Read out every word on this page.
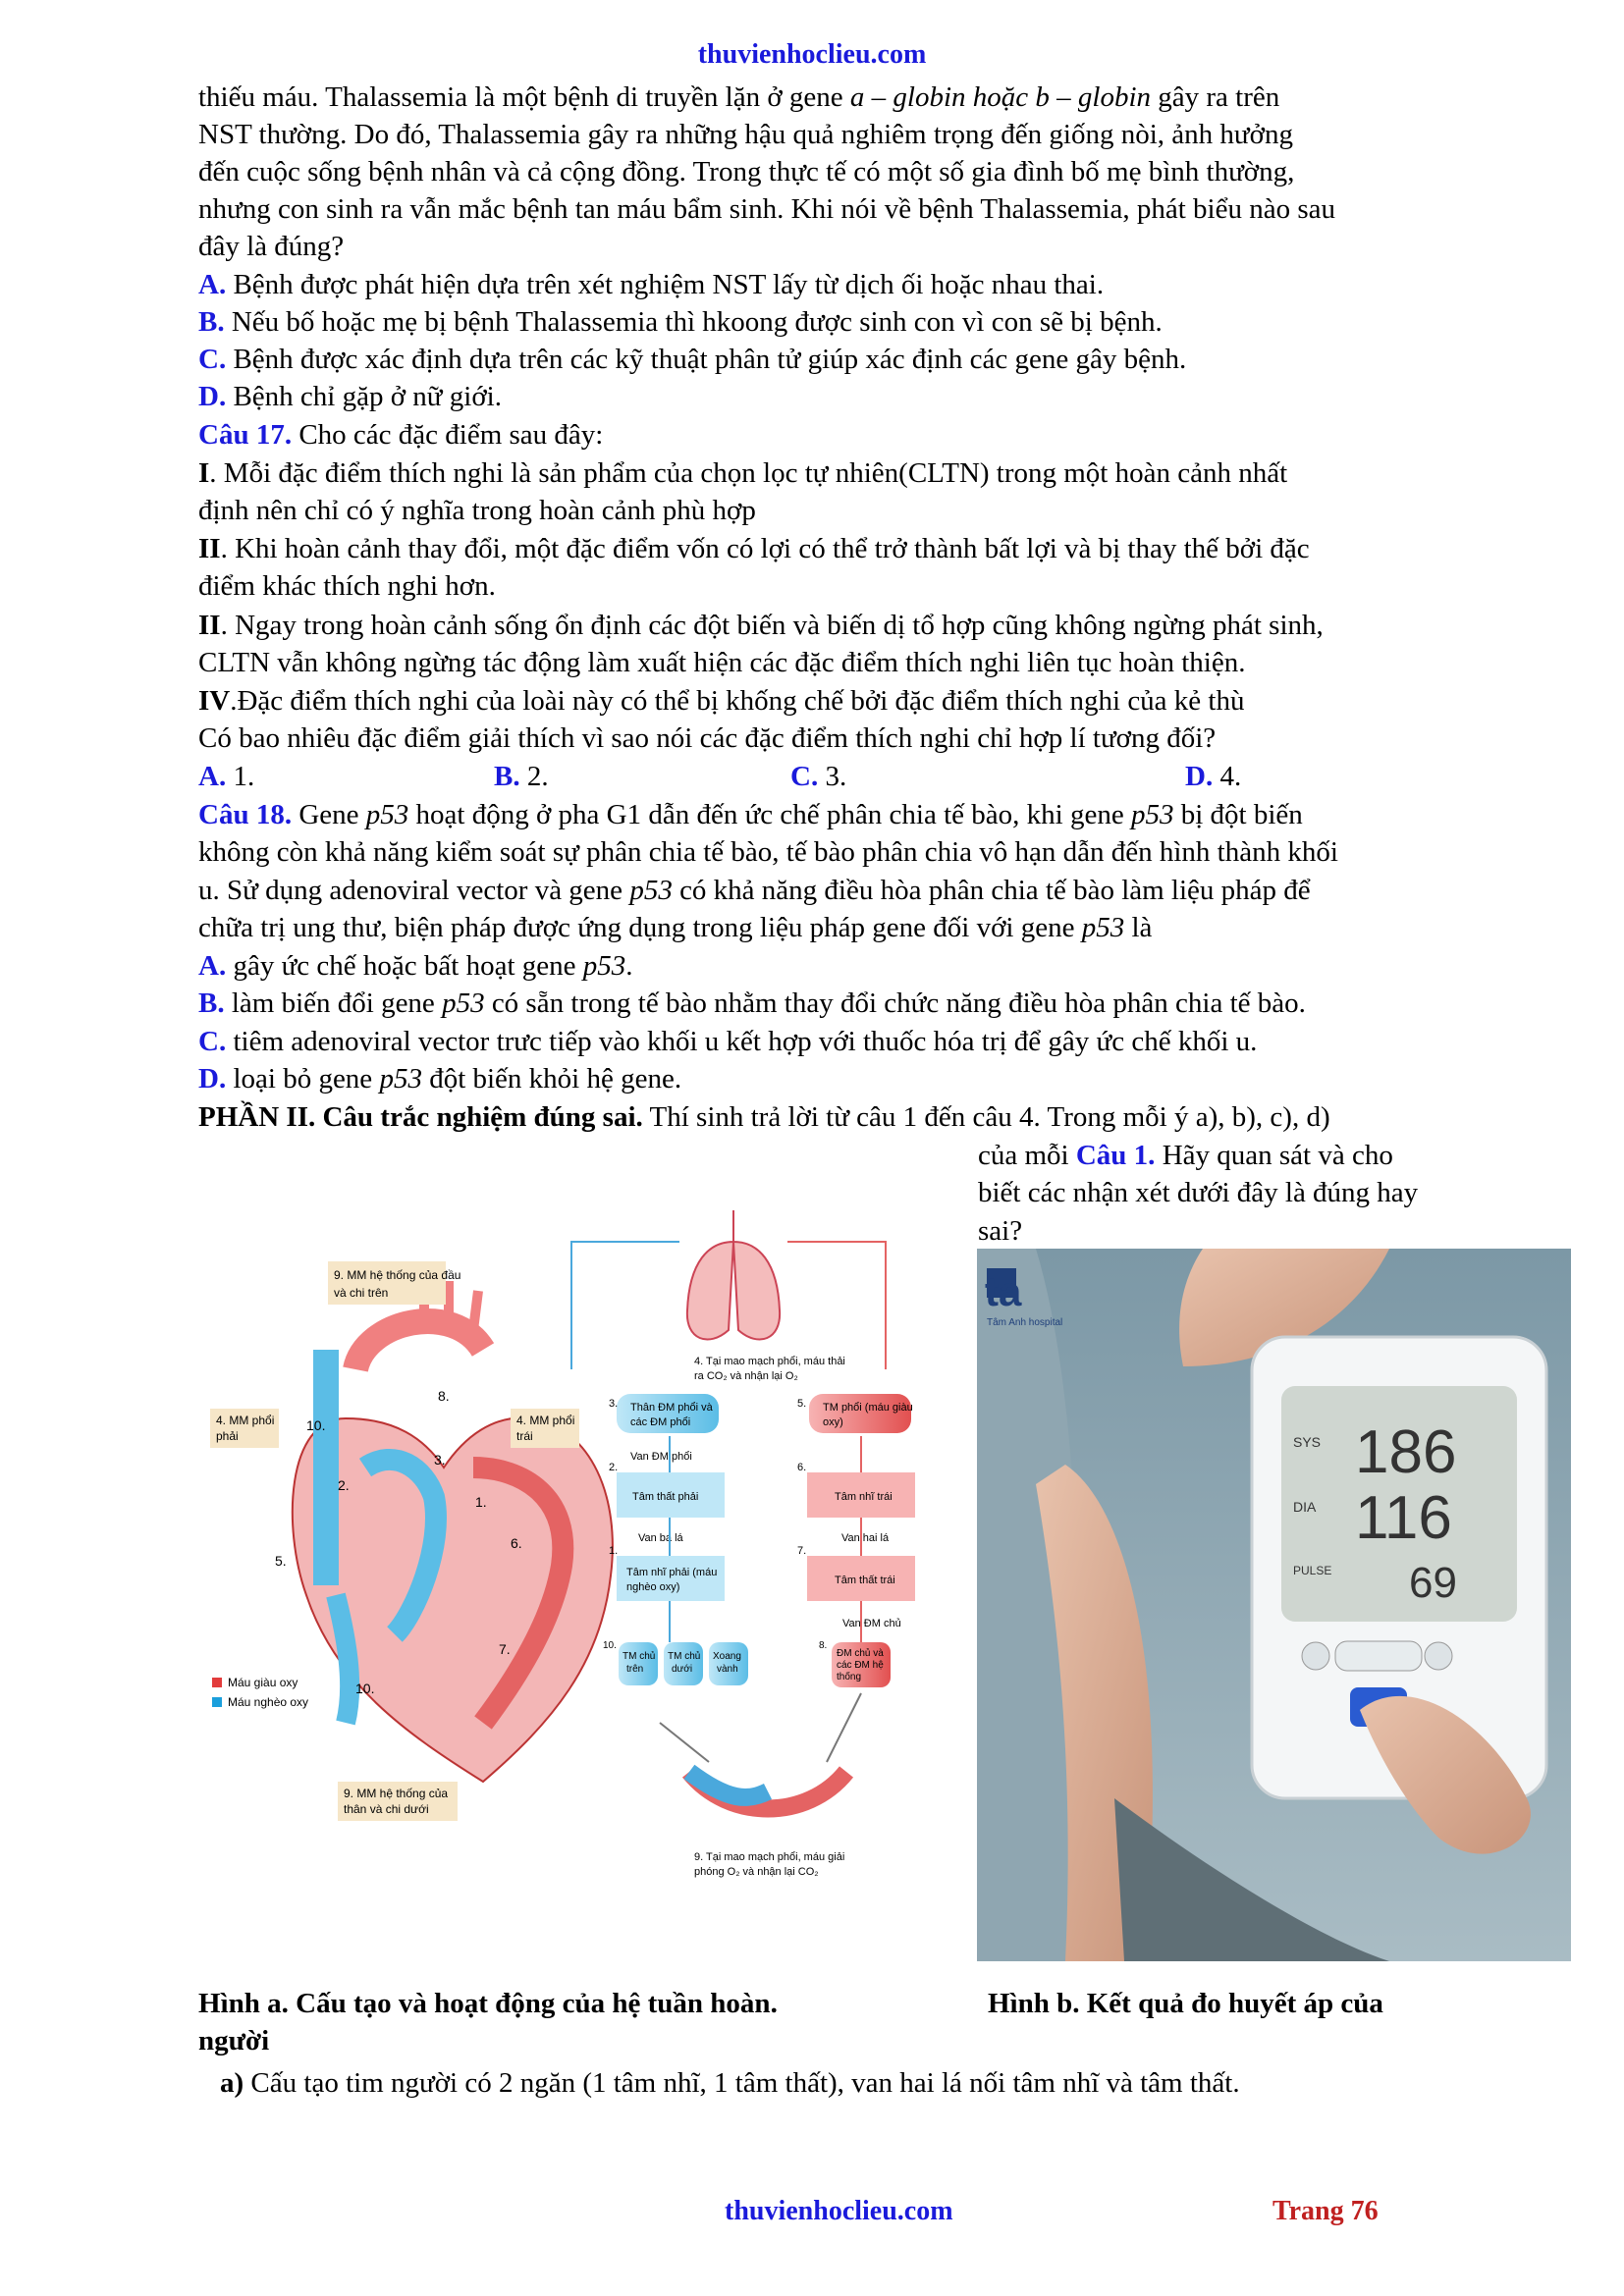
thuvienhoclieu.com
thiếu máu. Thalassemia là một bệnh di truyền lặn ở gene a – globin hoặc b – globin gây ra trên
NST thường. Do đó, Thalassemia gây ra những hậu quả nghiêm trọng đến giống nòi, ảnh hưởng
đến cuộc sống bệnh nhân và cả cộng đồng. Trong thực tế có một số gia đình bố mẹ bình thường,
nhưng con sinh ra vẫn mắc bệnh tan máu bẩm sinh. Khi nói về bệnh Thalassemia, phát biểu nào sau
đây là đúng?
A. Bệnh được phát hiện dựa trên xét nghiệm NST lấy từ dịch ối hoặc nhau thai.
B. Nếu bố hoặc mẹ bị bệnh Thalassemia thì hkoong được sinh con vì con sẽ bị bệnh.
C. Bệnh được xác định dựa trên các kỹ thuật phân tử giúp xác định các gene gây bệnh.
D. Bệnh chỉ gặp ở nữ giới.
Câu 17. Cho các đặc điểm sau đây:
I. Mỗi đặc điểm thích nghi là sản phẩm của chọn lọc tự nhiên(CLTN) trong một hoàn cảnh nhất
định nên chỉ có ý nghĩa trong hoàn cảnh phù hợp
II. Khi hoàn cảnh thay đổi, một đặc điểm vốn có lợi có thể trở thành bất lợi và bị thay thế bởi đặc
điểm khác thích nghi hơn.
II. Ngay trong hoàn cảnh sống ổn định các đột biến và biến dị tổ hợp cũng không ngừng phát sinh,
CLTN vẫn không ngừng tác động làm xuất hiện các đặc điểm thích nghi liên tục hoàn thiện.
IV.Đặc điểm thích nghi của loài này có thể bị khống chế bởi đặc điểm thích nghi của kẻ thù
Có bao nhiêu đặc điểm giải thích vì sao nói các đặc điểm thích nghi chỉ hợp lí tương đối?
A. 1.	B. 2.	C. 3.	D. 4.
Câu 18. Gene p53 hoạt động ở pha G1 dẫn đến ức chế phân chia tế bào, khi gene p53 bị đột biến
không còn khả năng kiểm soát sự phân chia tế bào, tế bào phân chia vô hạn dẫn đến hình thành khối
u. Sử dụng adenoviral vector và gene p53 có khả năng điều hòa phân chia tế bào làm liệu pháp để
chữa trị ung thư, biện pháp được ứng dụng trong liệu pháp gene đối với gene p53 là
A. gây ức chế hoặc bất hoạt gene p53.
B. làm biến đổi gene p53 có sẵn trong tế bào nhằm thay đổi chức năng điều hòa phân chia tế bào.
C. tiêm adenoviral vector trưc tiếp vào khối u kết hợp với thuốc hóa trị để gây ức chế khối u.
D. loại bỏ gene p53 đột biến khỏi hệ gene.
PHẦN II. Câu trắc nghiệm đúng sai. Thí sinh trả lời từ câu 1 đến câu 4. Trong mỗi ý a), b), c), d)
của mỗi Câu 1. Hãy quan sát và cho
biết các nhận xét dưới đây là đúng hay
sai?
10.
8.
3.
2.
5.
6.
1.
7.
10.
9. MM hệ thống của đầu
và chi trên
4. MM phổi
phải
4. MM phổi
trái
9. MM hệ thống của
thân và chi dưới
Máu giàu oxy
Máu nghèo oxy
4. Tại mao mạch phổi, máu thải
ra CO₂ và nhận lại O₂
Thân ĐM phổi và
các ĐM phổi
3.	TM phổi (máu giàu
oxy)
5.
Van ĐM phổi
Tâm thất phải
2.
Tâm nhĩ trái
6.
Van ba lá	Van hai lá
Tâm nhĩ phải (máu
nghèo oxy)
1.
Tâm thất trái
7.
Van ĐM chủ
TM chủ
trên
10.
TM chủ
dưới
Xoang
vành
ĐM chủ và
các ĐM hệ
thống
8.
9. Tại mao mạch phổi, máu giải
phóng O₂ và nhận lại CO₂
SYS
DIA
PULSE
186
116
69
ta
Tâm Anh hospital
Hình a. Cấu tạo và hoạt động của hệ tuần hoàn.
người
Hình b. Kết quả đo huyết áp của
a) Cấu tạo tim người có 2 ngăn (1 tâm nhĩ, 1 tâm thất), van hai lá nối tâm nhĩ và tâm thất.
thuvienhoclieu.com	Trang 76
